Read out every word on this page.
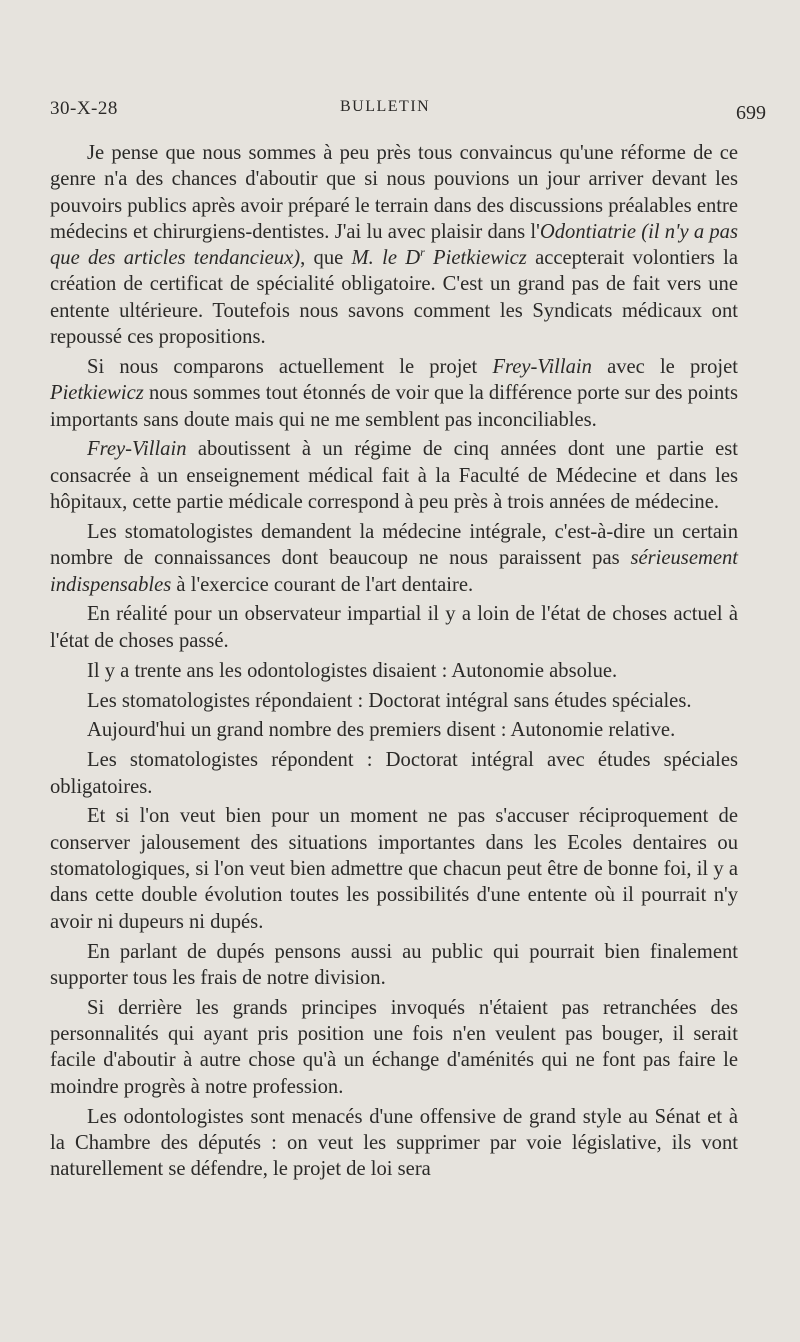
30-X-28	BULLETIN	699

Je pense que nous sommes à peu près tous convaincus qu'une réforme de ce genre n'a des chances d'aboutir que si nous pouvions un jour arriver devant les pouvoirs publics après avoir préparé le terrain dans des discussions préalables entre médecins et chirurgiens-dentistes. J'ai lu avec plaisir dans l'Odontiatrie (il n'y a pas que des articles tendancieux), que M. le $D^r$ Pietkiewicz accepterait volontiers la création de certificat de spécialité obligatoire. C'est un grand pas de fait vers une entente ultérieure. Toutefois nous savons comment les Syndicats médicaux ont repoussé ces propositions.

Si nous comparons actuellement le projet Frey-Villain avec le projet Pietkiewicz nous sommes tout étonnés de voir que la différence porte sur des points importants sans doute mais qui ne me semblent pas inconciliables.

Frey-Villain aboutissent à un régime de cinq années dont une partie est consacrée à un enseignement médical fait à la Faculté de Médecine et dans les hôpitaux, cette partie médicale correspond à peu près à trois années de médecine.

Les stomatologistes demandent la médecine intégrale, c'est-à-dire un certain nombre de connaissances dont beaucoup ne nous paraissent pas sérieusement indispensables à l'exercice courant de l'art dentaire.

En réalité pour un observateur impartial il y a loin de l'état de choses actuel à l'état de choses passé.

Il y a trente ans les odontologistes disaient : Autonomie absolue.

Les stomatologistes répondaient : Doctorat intégral sans études spéciales.

Aujourd'hui un grand nombre des premiers disent : Autonomie relative.

Les stomatologistes répondent : Doctorat intégral avec études spéciales obligatoires.

Et si l'on veut bien pour un moment ne pas s'accuser réciproquement de conserver jalousement des situations importantes dans les Ecoles dentaires ou stomatologiques, si l'on veut bien admettre que chacun peut être de bonne foi, il y a dans cette double évolution toutes les possibilités d'une entente où il pourrait n'y avoir ni dupeurs ni dupés.

En parlant de dupés pensons aussi au public qui pourrait bien finalement supporter tous les frais de notre division.

Si derrière les grands principes invoqués n'étaient pas retranchées des personnalités qui ayant pris position une fois n'en veulent pas bouger, il serait facile d'aboutir à autre chose qu'à un échange d'aménités qui ne font pas faire le moindre progrès à notre profession.

Les odontologistes sont menacés d'une offensive de grand style au Sénat et à la Chambre des députés : on veut les supprimer par voie législative, ils vont naturellement se défendre, le projet de loi sera
